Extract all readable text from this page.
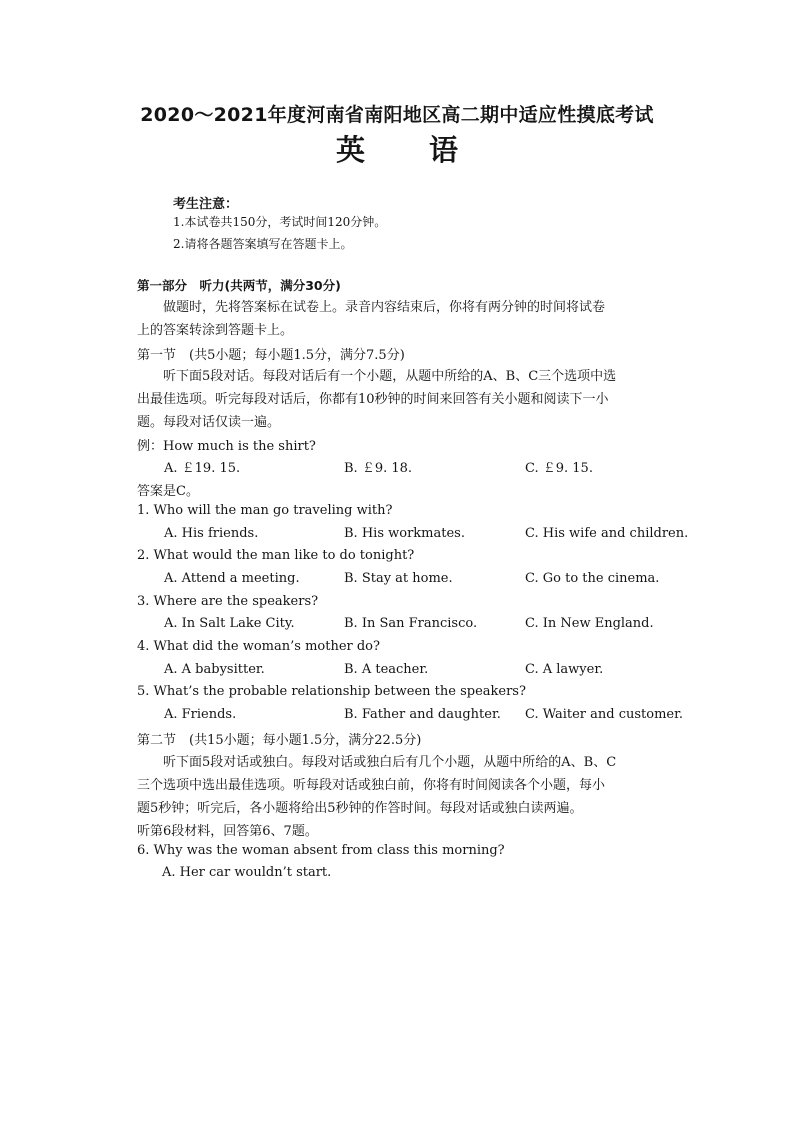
2020～2021年度河南省南阳地区高二期中适应性摸底考试
英语
考生注意：
1.本试卷共150分，考试时间120分钟。
2.请将各题答案填写在答题卡上。
第一部分　听力(共两节，满分30分)
做题时，先将答案标在试卷上。录音内容结束后，你将有两分钟的时间将试卷上的答案转涂到答题卡上。
第一节　(共5小题；每小题1.5分，满分7.5分)
听下面5段对话。每段对话后有一个小题，从题中所给的A、B、C三个选项中选出最佳选项。听完每段对话后，你都有10秒钟的时间来回答有关小题和阅读下一小题。每段对话仅读一遍。
例：How much is the shirt?
A. ￡19. 15.	B. ￡9. 18.	C. ￡9. 15.
答案是C。
1. Who will the man go traveling with?
A. His friends.	B. His workmates.	C. His wife and children.
2. What would the man like to do tonight?
A. Attend a meeting.	B. Stay at home.	C. Go to the cinema.
3. Where are the speakers?
A. In Salt Lake City.	B. In San Francisco.	C. In New England.
4. What did the woman’s mother do?
A. A babysitter.	B. A teacher.	C. A lawyer.
5. What’s the probable relationship between the speakers?
A. Friends.	B. Father and daughter. C. Waiter and customer.
第二节　(共15小题；每小题1.5分，满分22.5分)
听下面5段对话或独白。每段对话或独白后有几个小题，从题中所给的A、B、C三个选项中选出最佳选项。听每段对话或独白前，你将有时间阅读各个小题，每小题5秒钟；听完后，各小题将给出5秒钟的作答时间。每段对话或独白读两遍。
听第6段材料，回答第6、7题。
6. Why was the woman absent from class this morning?
A. Her car wouldn’t start.
